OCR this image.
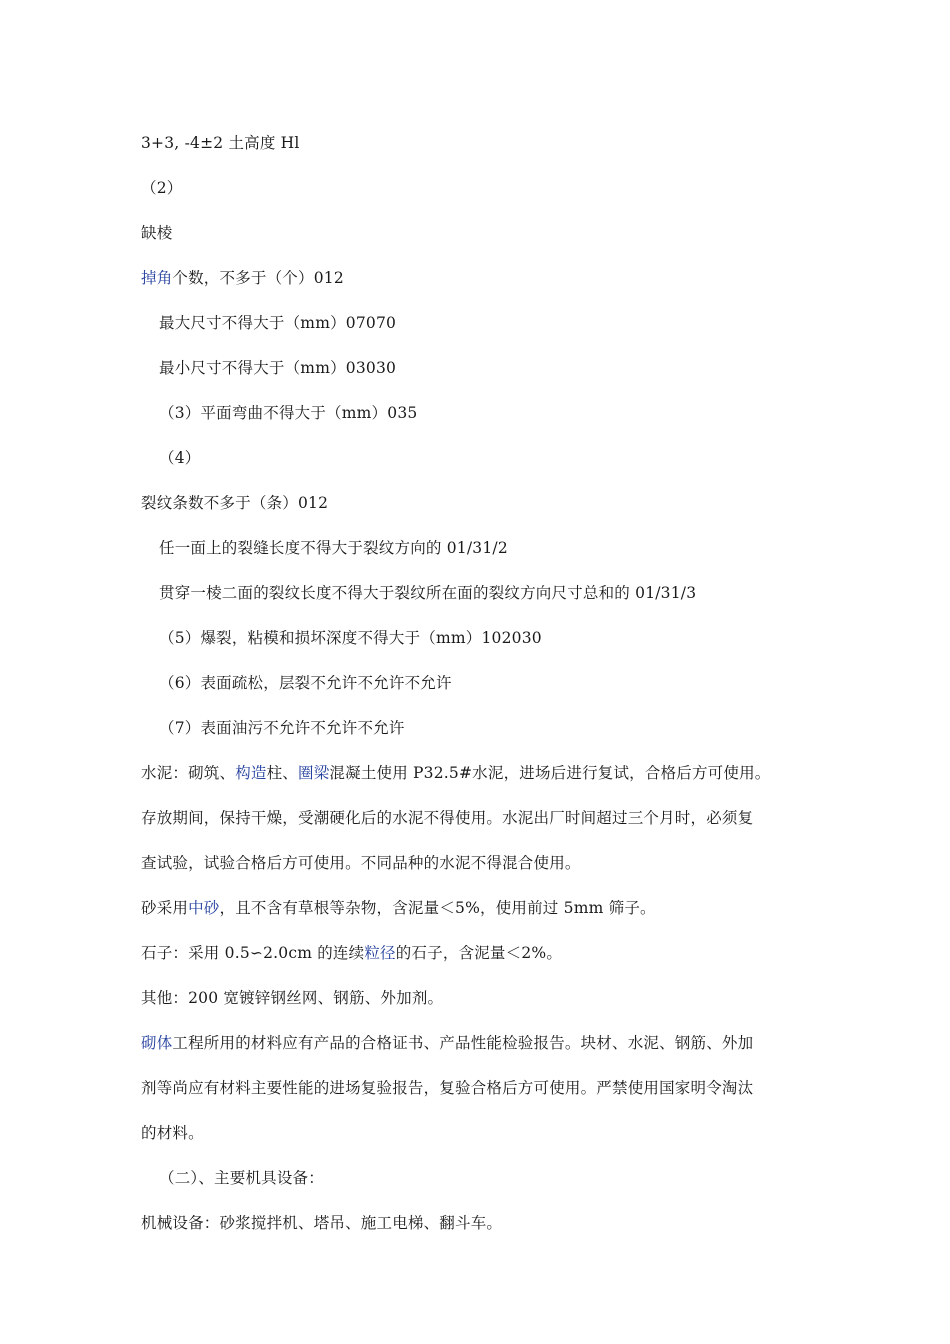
3+3, -4±2 土高度 Hl
（2）
缺棱
掉角个数，不多于（个）012
最大尺寸不得大于（mm）07070
最小尺寸不得大于（mm）03030
（3）平面弯曲不得大于（mm）035
（4）
裂纹条数不多于（条）012
任一面上的裂缝长度不得大于裂纹方向的 01/31/2
贯穿一棱二面的裂纹长度不得大于裂纹所在面的裂纹方向尺寸总和的 01/31/3
（5）爆裂，粘模和损坏深度不得大于（mm）102030
（6）表面疏松，层裂不允许不允许不允许
（7）表面油污不允许不允许不允许
水泥：砌筑、构造柱、圈梁混凝土使用 P32.5#水泥，进场后进行复试，合格后方可使用。
存放期间，保持干燥，受潮硬化后的水泥不得使用。水泥出厂时间超过三个月时，必须复
查试验，试验合格后方可使用。不同品种的水泥不得混合使用。
砂采用中砂，且不含有草根等杂物，含泥量＜5%，使用前过 5mm 筛子。
石子：采用 0.5∽2.0cm 的连续粒径的石子，含泥量＜2%。
其他：200 宽镀锌钢丝网、钢筋、外加剂。
砌体工程所用的材料应有产品的合格证书、产品性能检验报告。块材、水泥、钢筋、外加
剂等尚应有材料主要性能的进场复验报告，复验合格后方可使用。严禁使用国家明令淘汰
的材料。
（二）、主要机具设备：
机械设备：砂浆搅拌机、塔吊、施工电梯、翻斗车。
